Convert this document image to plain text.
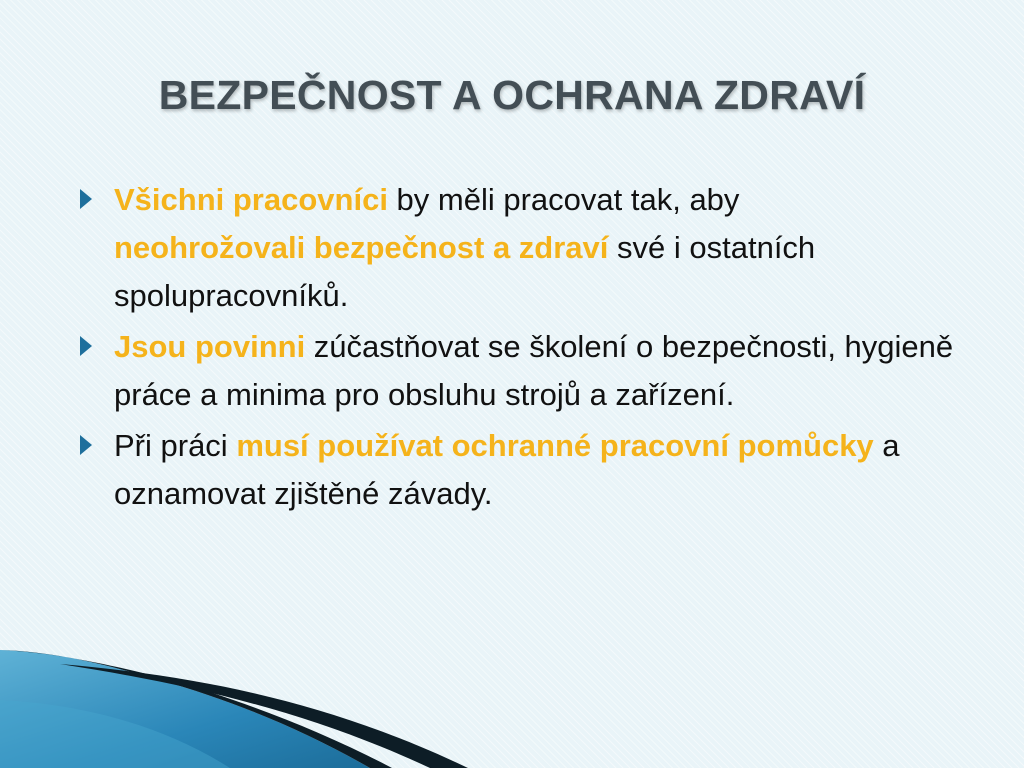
BEZPEČNOST A OCHRANA ZDRAVÍ
Všichni pracovníci by měli pracovat tak, aby
neohrožovali bezpečnost a zdraví své i ostatních spolupracovníků.
Jsou povinni zúčastňovat se školení o bezpečnosti, hygieně práce a minima pro obsluhu strojů a zařízení.
Při práci musí používat ochranné pracovní pomůcky a oznamovat zjištěné závady.
